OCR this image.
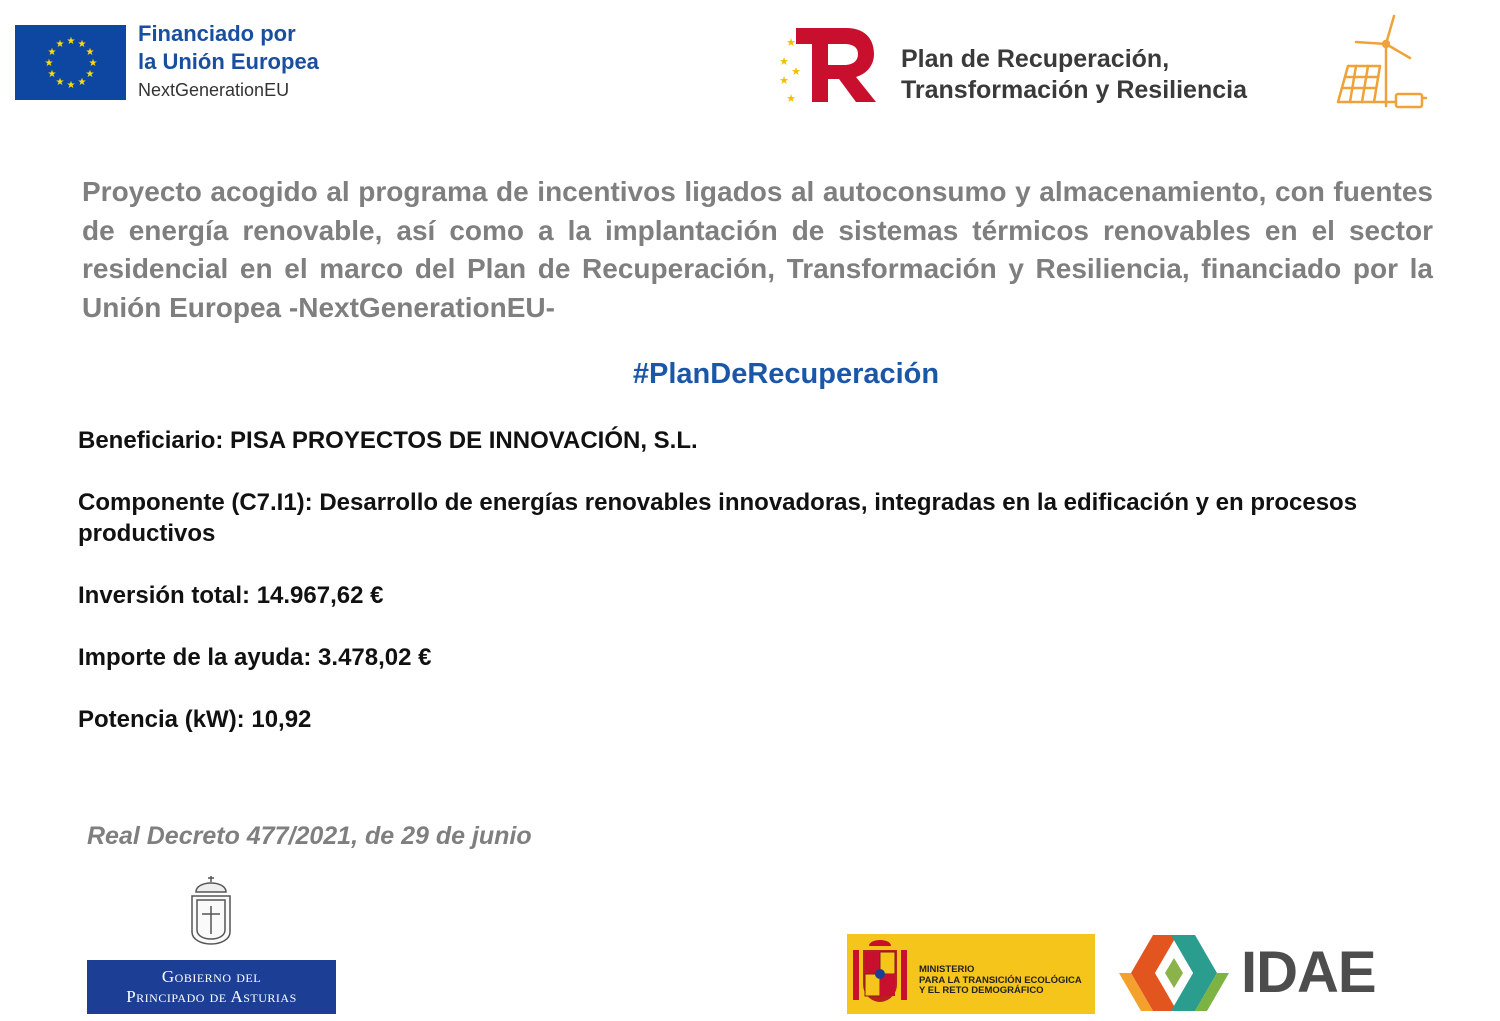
★ ★
★
★
★
★
★
★
★
★
★
★	Financiado por
la Unión Europea
NextGenerationEU
★
★
★
★
★	Plan de Recuperación,
Transformación y Resiliencia
Proyecto acogido al programa de incentivos ligados al autoconsumo y almacenamiento, con fuentes de energía renovable, así como a la implantación de sistemas térmicos renovables en el sector residencial en el marco del Plan de Recuperación, Transformación y Resiliencia, financiado por la Unión Europea -NextGenerationEU-
#PlanDeRecuperación
Beneficiario: PISA PROYECTOS DE INNOVACIÓN, S.L.
Componente (C7.I1): Desarrollo de energías renovables innovadoras, integradas en la edificación y en procesos productivos
Inversión total: 14.967,62 €
Importe de la ayuda: 3.478,02 €
Potencia (kW): 10,92
Real Decreto 477/2021, de 29 de junio
Gobierno del
Principado de Asturias
MINISTERIO
PARA LA TRANSICIÓN ECOLÓGICA
Y EL RETO DEMOGRÁFICO	IDAE
